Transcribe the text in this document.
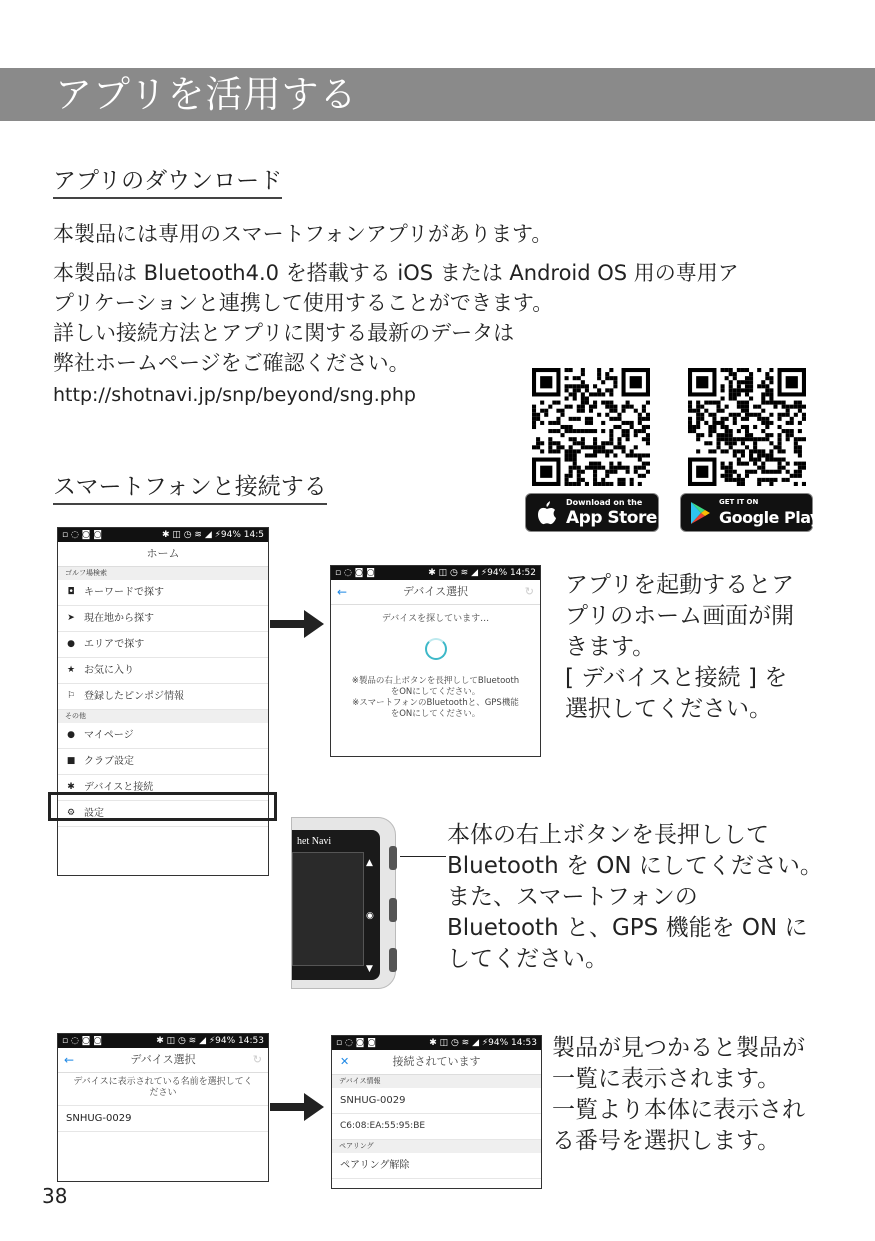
アプリを活用する
アプリのダウンロード
本製品には専用のスマートフォンアプリがあります。
本製品は Bluetooth4.0 を搭載する iOS または Android OS 用の専用ア
プリケーションと連携して使用することができます。
詳しい接続方法とアプリに関する最新のデータは
弊社ホームページをご確認ください。
http://shotnavi.jp/snp/beyond/sng.php
Download on the
App Store
GET IT ON
Google Play
スマートフォンと接続する
▫ ◌ ◙ ◙	✱ ◫ ◷ ≋ ◢ ⚡94% 14:5
ホーム
ゴルフ場検索
◘ キーワードで探す
➤ 現在地から探す
● エリアで探す
★ お気に入り
⚐ 登録したピンポジ情報
その他
● マイページ
■ クラブ設定
✱ デバイスと接続
⚙ 設定
▫ ◌ ◙ ◙	✱ ◫ ◷ ≋ ◢ ⚡94% 14:52
←	デバイス選択	↻
デバイスを探しています…
※製品の右上ボタンを長押ししてBluetooth
をONにしてください。
※スマートフォンのBluetoothと、GPS機能
をONにしてください。
アプリを起動するとア
プリのホーム画面が開
きます。
[ デバイスと接続 ] を
選択してください。
het Navi
▲
◉
▼
本体の右上ボタンを長押しして
Bluetooth を ON にしてください。
また、スマートフォンの
Bluetooth と、GPS 機能を ON に
してください。
▫ ◌ ◙ ◙	✱ ◫ ◷ ≋ ◢ ⚡94% 14:53
←	デバイス選択	↻
デバイスに表示されている名前を選択してく
ださい
SNHUG-0029
▫ ◌ ◙ ◙	✱ ◫ ◷ ≋ ◢ ⚡94% 14:53
✕	接続されています
デバイス情報
SNHUG-0029
C6:08:EA:55:95:BE
ペアリング
ペアリング解除
製品が見つかると製品が
一覧に表示されます。
一覧より本体に表示され
る番号を選択します。
38
